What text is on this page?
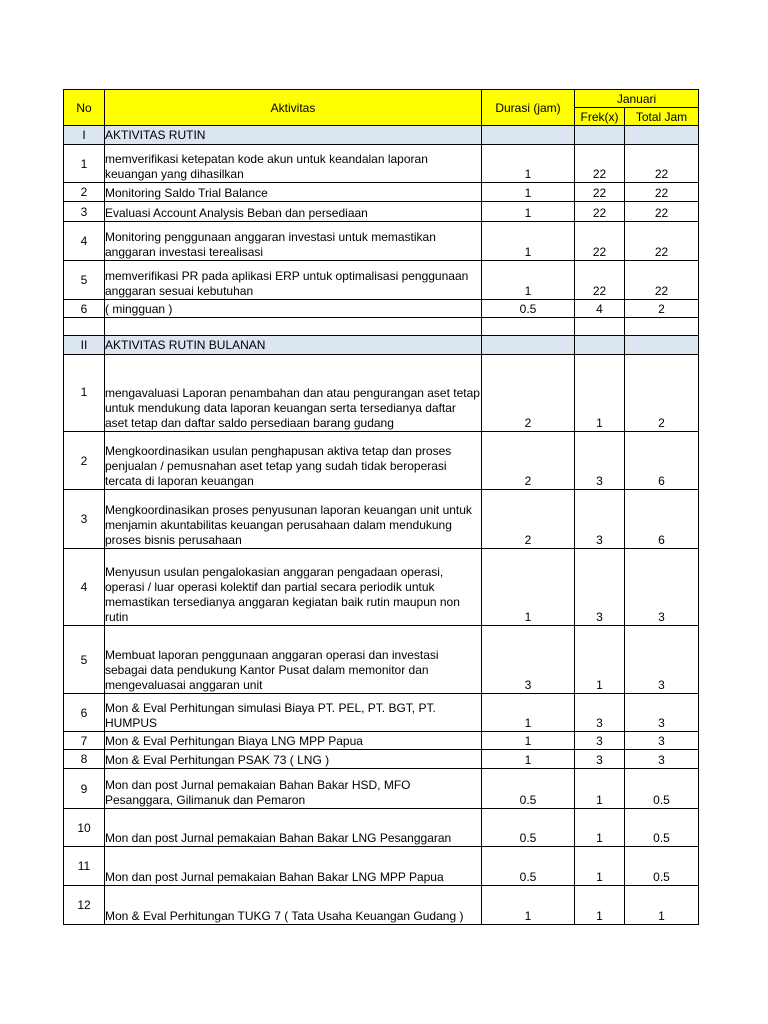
No	Aktivitas	Durasi (jam)	Januari	
			Frek(x)	Total Jam
I	AKTIVITAS RUTIN			
1	memverifikasi ketepatan kode akun untuk keandalan laporan keuangan yang dihasilkan	1	22	22
2	Monitoring Saldo Trial Balance	1	22	22
3	Evaluasi Account Analysis Beban dan persediaan	1	22	22
4	Monitoring penggunaan anggaran investasi untuk memastikan anggaran investasi terealisasi	1	22	22
5	memverifikasi PR pada aplikasi ERP untuk optimalisasi penggunaan anggaran sesuai kebutuhan	1	22	22
6	( mingguan )	0.5	4	2

II	AKTIVITAS RUTIN BULANAN			
1	mengavaluasi Laporan penambahan dan atau pengurangan aset tetap untuk mendukung data laporan keuangan serta tersedianya daftar aset tetap dan daftar saldo persediaan barang gudang	2	1	2
2	Mengkoordinasikan usulan penghapusan aktiva tetap dan proses penjualan / pemusnahan aset tetap yang sudah tidak beroperasi tercata di laporan keuangan	2	3	6
3	Mengkoordinasikan proses penyusunan laporan keuangan unit untuk menjamin akuntabilitas keuangan perusahaan dalam mendukung proses bisnis perusahaan	2	3	6
4	Menyusun usulan pengalokasian anggaran pengadaan operasi, operasi / luar operasi kolektif dan partial secara periodik untuk memastikan tersedianya anggaran kegiatan baik rutin maupun non rutin	1	3	3
5	Membuat laporan penggunaan anggaran operasi dan investasi sebagai data pendukung Kantor Pusat dalam memonitor dan mengevaluasai anggaran unit	3	1	3
6	Mon & Eval Perhitungan simulasi Biaya PT. PEL, PT. BGT, PT. HUMPUS	1	3	3
7	Mon & Eval Perhitungan Biaya LNG MPP Papua	1	3	3
8	Mon & Eval Perhitungan PSAK 73 ( LNG )	1	3	3
9	Mon dan post Jurnal pemakaian Bahan Bakar HSD, MFO Pesanggara, Gilimanuk dan Pemaron	0.5	1	0.5
10	Mon dan post Jurnal pemakaian Bahan Bakar LNG Pesanggaran	0.5	1	0.5
11	Mon dan post Jurnal pemakaian Bahan Bakar LNG MPP Papua	0.5	1	0.5
12	Mon & Eval Perhitungan TUKG 7 ( Tata Usaha Keuangan Gudang )	1	1	1
